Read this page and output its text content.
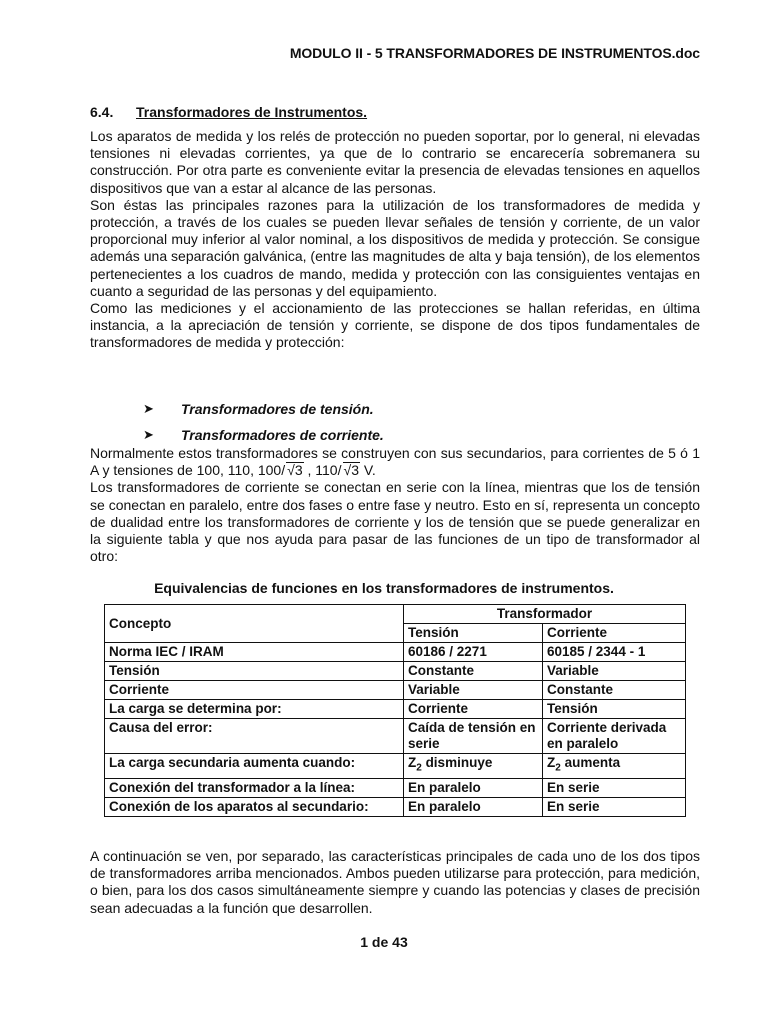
MODULO II - 5 TRANSFORMADORES DE INSTRUMENTOS.doc
6.4. Transformadores de Instrumentos.
Los aparatos de medida y los relés de protección no pueden soportar, por lo general, ni elevadas tensiones ni elevadas corrientes, ya que de lo contrario se encarecería sobremanera su construcción. Por otra parte es conveniente evitar la presencia de elevadas tensiones en aquellos dispositivos que van a estar al alcance de las personas.
Son éstas las principales razones para la utilización de los transformadores de medida y protección, a través de los cuales se pueden llevar señales de tensión y corriente, de un valor proporcional muy inferior al valor nominal, a los dispositivos de medida y protección. Se consigue además una separación galvánica, (entre las magnitudes de alta y baja tensión), de los elementos pertenecientes a los cuadros de mando, medida y protección con las consiguientes ventajas en cuanto a seguridad de las personas y del equipamiento.
Como las mediciones y el accionamiento de las protecciones se hallan referidas, en última instancia, a la apreciación de tensión y corriente, se dispone de dos tipos fundamentales de transformadores de medida y protección:
➤	Transformadores de tensión.
➤	Transformadores de corriente.
Normalmente estos transformadores se construyen con sus secundarios, para corrientes de 5 ó 1 A y tensiones de 100, 110, 100/ √3 , 110/ √3 V.
Los transformadores de corriente se conectan en serie con la línea, mientras que los de tensión se conectan en paralelo, entre dos fases o entre fase y neutro. Esto en sí, representa un concepto de dualidad entre los transformadores de corriente y los de tensión que se puede generalizar en la siguiente tabla y que nos ayuda para pasar de las funciones de un tipo de transformador al otro:
Equivalencias de funciones en los transformadores de instrumentos.
Concepto	Transformador	
	Tensión	Corriente
Norma IEC / IRAM	60186 / 2271	60185 / 2344 - 1
Tensión	Constante	Variable
Corriente	Variable	Constante
La carga se determina por:	Corriente	Tensión
Causa del error:	Caída de tensión en serie	Corriente derivada en paralelo
La carga secundaria aumenta cuando:	$Z_2$ disminuye	$Z_2$ aumenta
Conexión del transformador a la línea:	En paralelo	En serie
Conexión de los aparatos al secundario:	En paralelo	En serie
A continuación se ven, por separado, las características principales de cada uno de los dos tipos de transformadores arriba mencionados. Ambos pueden utilizarse para protección, para medición, o bien, para los dos casos simultáneamente siempre y cuando las potencias y clases de precisión sean adecuadas a la función que desarrollen.
1 de 43
